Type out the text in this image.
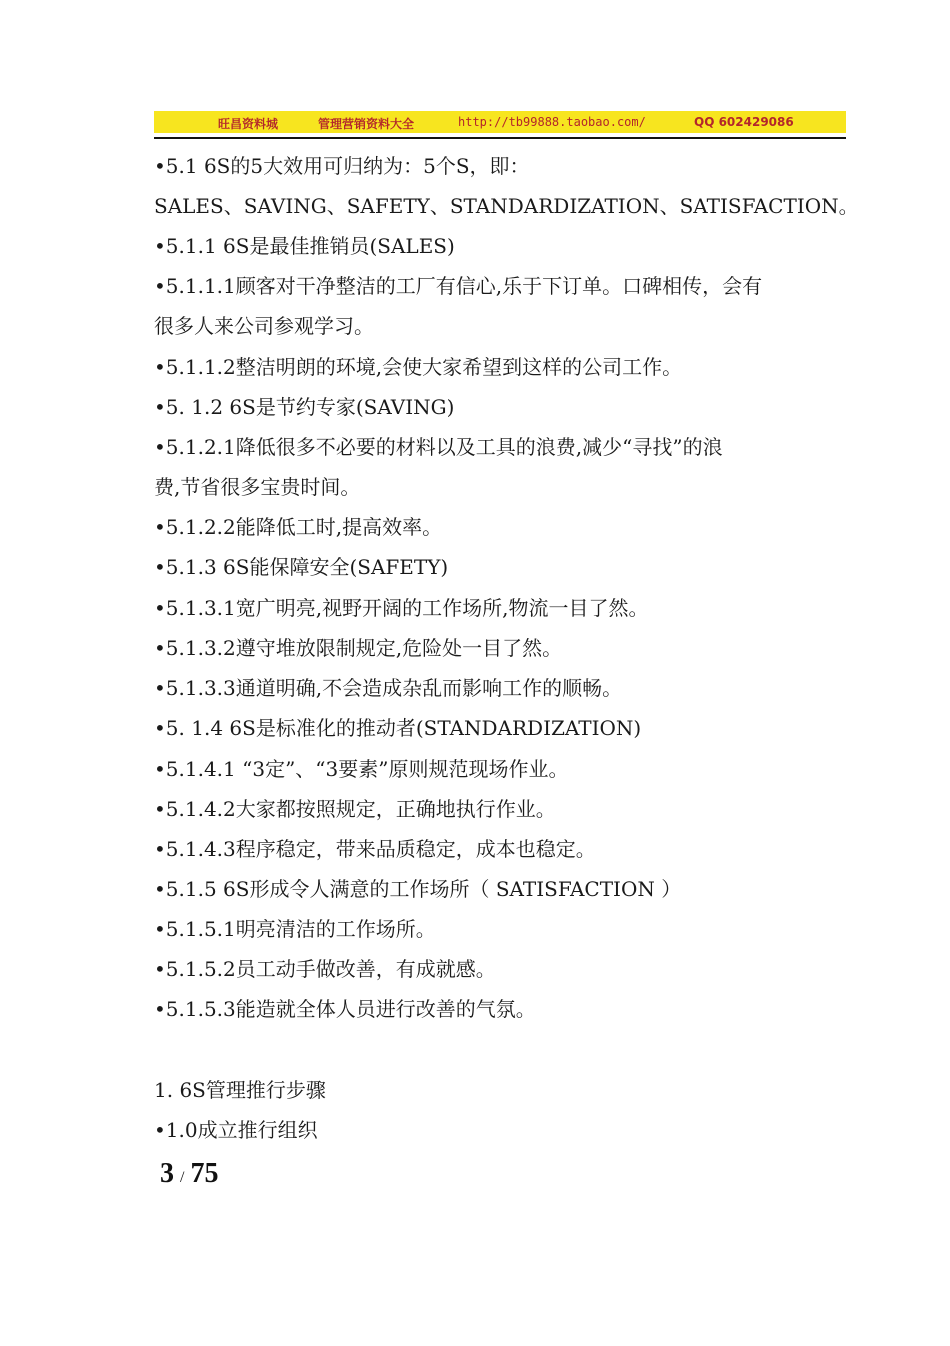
旺昌资料城	管理营销资料大全	http://tb99888.taobao.com/	QQ 602429086
•5.1 6S的5大效用可归纳为：5个S，即：
SALES、SAVING、SAFETY、STANDARDIZATION、SATISFACTION。
•5.1.1 6S是最佳推销员(SALES)
•5.1.1.1顾客对干净整洁的工厂有信心,乐于下订单。口碑相传，会有
很多人来公司参观学习。
•5.1.1.2整洁明朗的环境,会使大家希望到这样的公司工作。
•5. 1.2 6S是节约专家(SAVING)
•5.1.2.1降低很多不必要的材料以及工具的浪费,减少“寻找”的浪
费,节省很多宝贵时间。
•5.1.2.2能降低工时,提高效率。
•5.1.3 6S能保障安全(SAFETY)
•5.1.3.1宽广明亮,视野开阔的工作场所,物流一目了然。
•5.1.3.2遵守堆放限制规定,危险处一目了然。
•5.1.3.3通道明确,不会造成杂乱而影响工作的顺畅。
•5. 1.4 6S是标准化的推动者(STANDARDIZATION)
•5.1.4.1 “3定”、“3要素”原则规范现场作业。
•5.1.4.2大家都按照规定，正确地执行作业。
•5.1.4.3程序稳定，带来品质稳定，成本也稳定。
•5.1.5 6S形成令人满意的工作场所（ SATISFACTION ）
•5.1.5.1明亮清洁的工作场所。
•5.1.5.2员工动手做改善，有成就感。
•5.1.5.3能造就全体人员进行改善的气氛。
1. 6S管理推行步骤
•1.0成立推行组织
3 / 75
